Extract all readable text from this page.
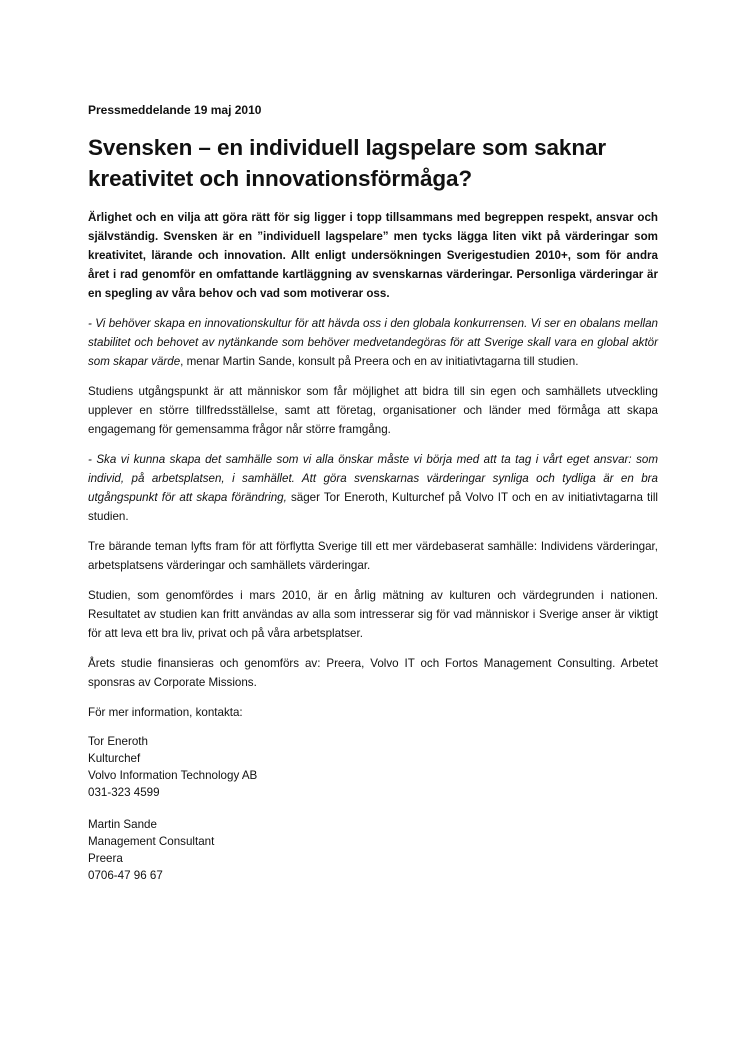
Pressmeddelande 19 maj 2010
Svensken – en individuell lagspelare som saknar kreativitet och innovationsförmåga?

Ärlighet och en vilja att göra rätt för sig ligger i topp tillsammans med begreppen respekt, ansvar och självständig. Svensken är en ”individuell lagspelare” men tycks lägga liten vikt på värderingar som kreativitet, lärande och innovation. Allt enligt undersökningen Sverigestudien 2010+, som för andra året i rad genomför en omfattande kartläggning av svenskarnas värderingar. Personliga värderingar är en spegling av våra behov och vad som motiverar oss.

- Vi behöver skapa en innovationskultur för att hävda oss i den globala konkurrensen. Vi ser en obalans mellan stabilitet och behovet av nytänkande som behöver medvetandegöras för att Sverige skall vara en global aktör som skapar värde, menar Martin Sande, konsult på Preera och en av initiativtagarna till studien.

Studiens utgångspunkt är att människor som får möjlighet att bidra till sin egen och samhällets utveckling upplever en större tillfredsställelse, samt att företag, organisationer och länder med förmåga att skapa engagemang för gemensamma frågor når större framgång.

- Ska vi kunna skapa det samhälle som vi alla önskar måste vi börja med att ta tag i vårt eget ansvar: som individ, på arbetsplatsen, i samhället. Att göra svenskarnas värderingar synliga och tydliga är en bra utgångspunkt för att skapa förändring, säger Tor Eneroth, Kulturchef på Volvo IT och en av initiativtagarna till studien.

Tre bärande teman lyfts fram för att förflytta Sverige till ett mer värdebaserat samhälle: Individens värderingar, arbetsplatsens värderingar och samhällets värderingar.

Studien, som genomfördes i mars 2010, är en årlig mätning av kulturen och värdegrunden i nationen. Resultatet av studien kan fritt användas av alla som intresserar sig för vad människor i Sverige anser är viktigt för att leva ett bra liv, privat och på våra arbetsplatser.

Årets studie finansieras och genomförs av: Preera, Volvo IT och Fortos Management Consulting. Arbetet sponsras av Corporate Missions.

För mer information, kontakta:

Tor Eneroth
Kulturchef
Volvo Information Technology AB
031-323 4599
Martin Sande
Management Consultant
Preera
0706-47 96 67
